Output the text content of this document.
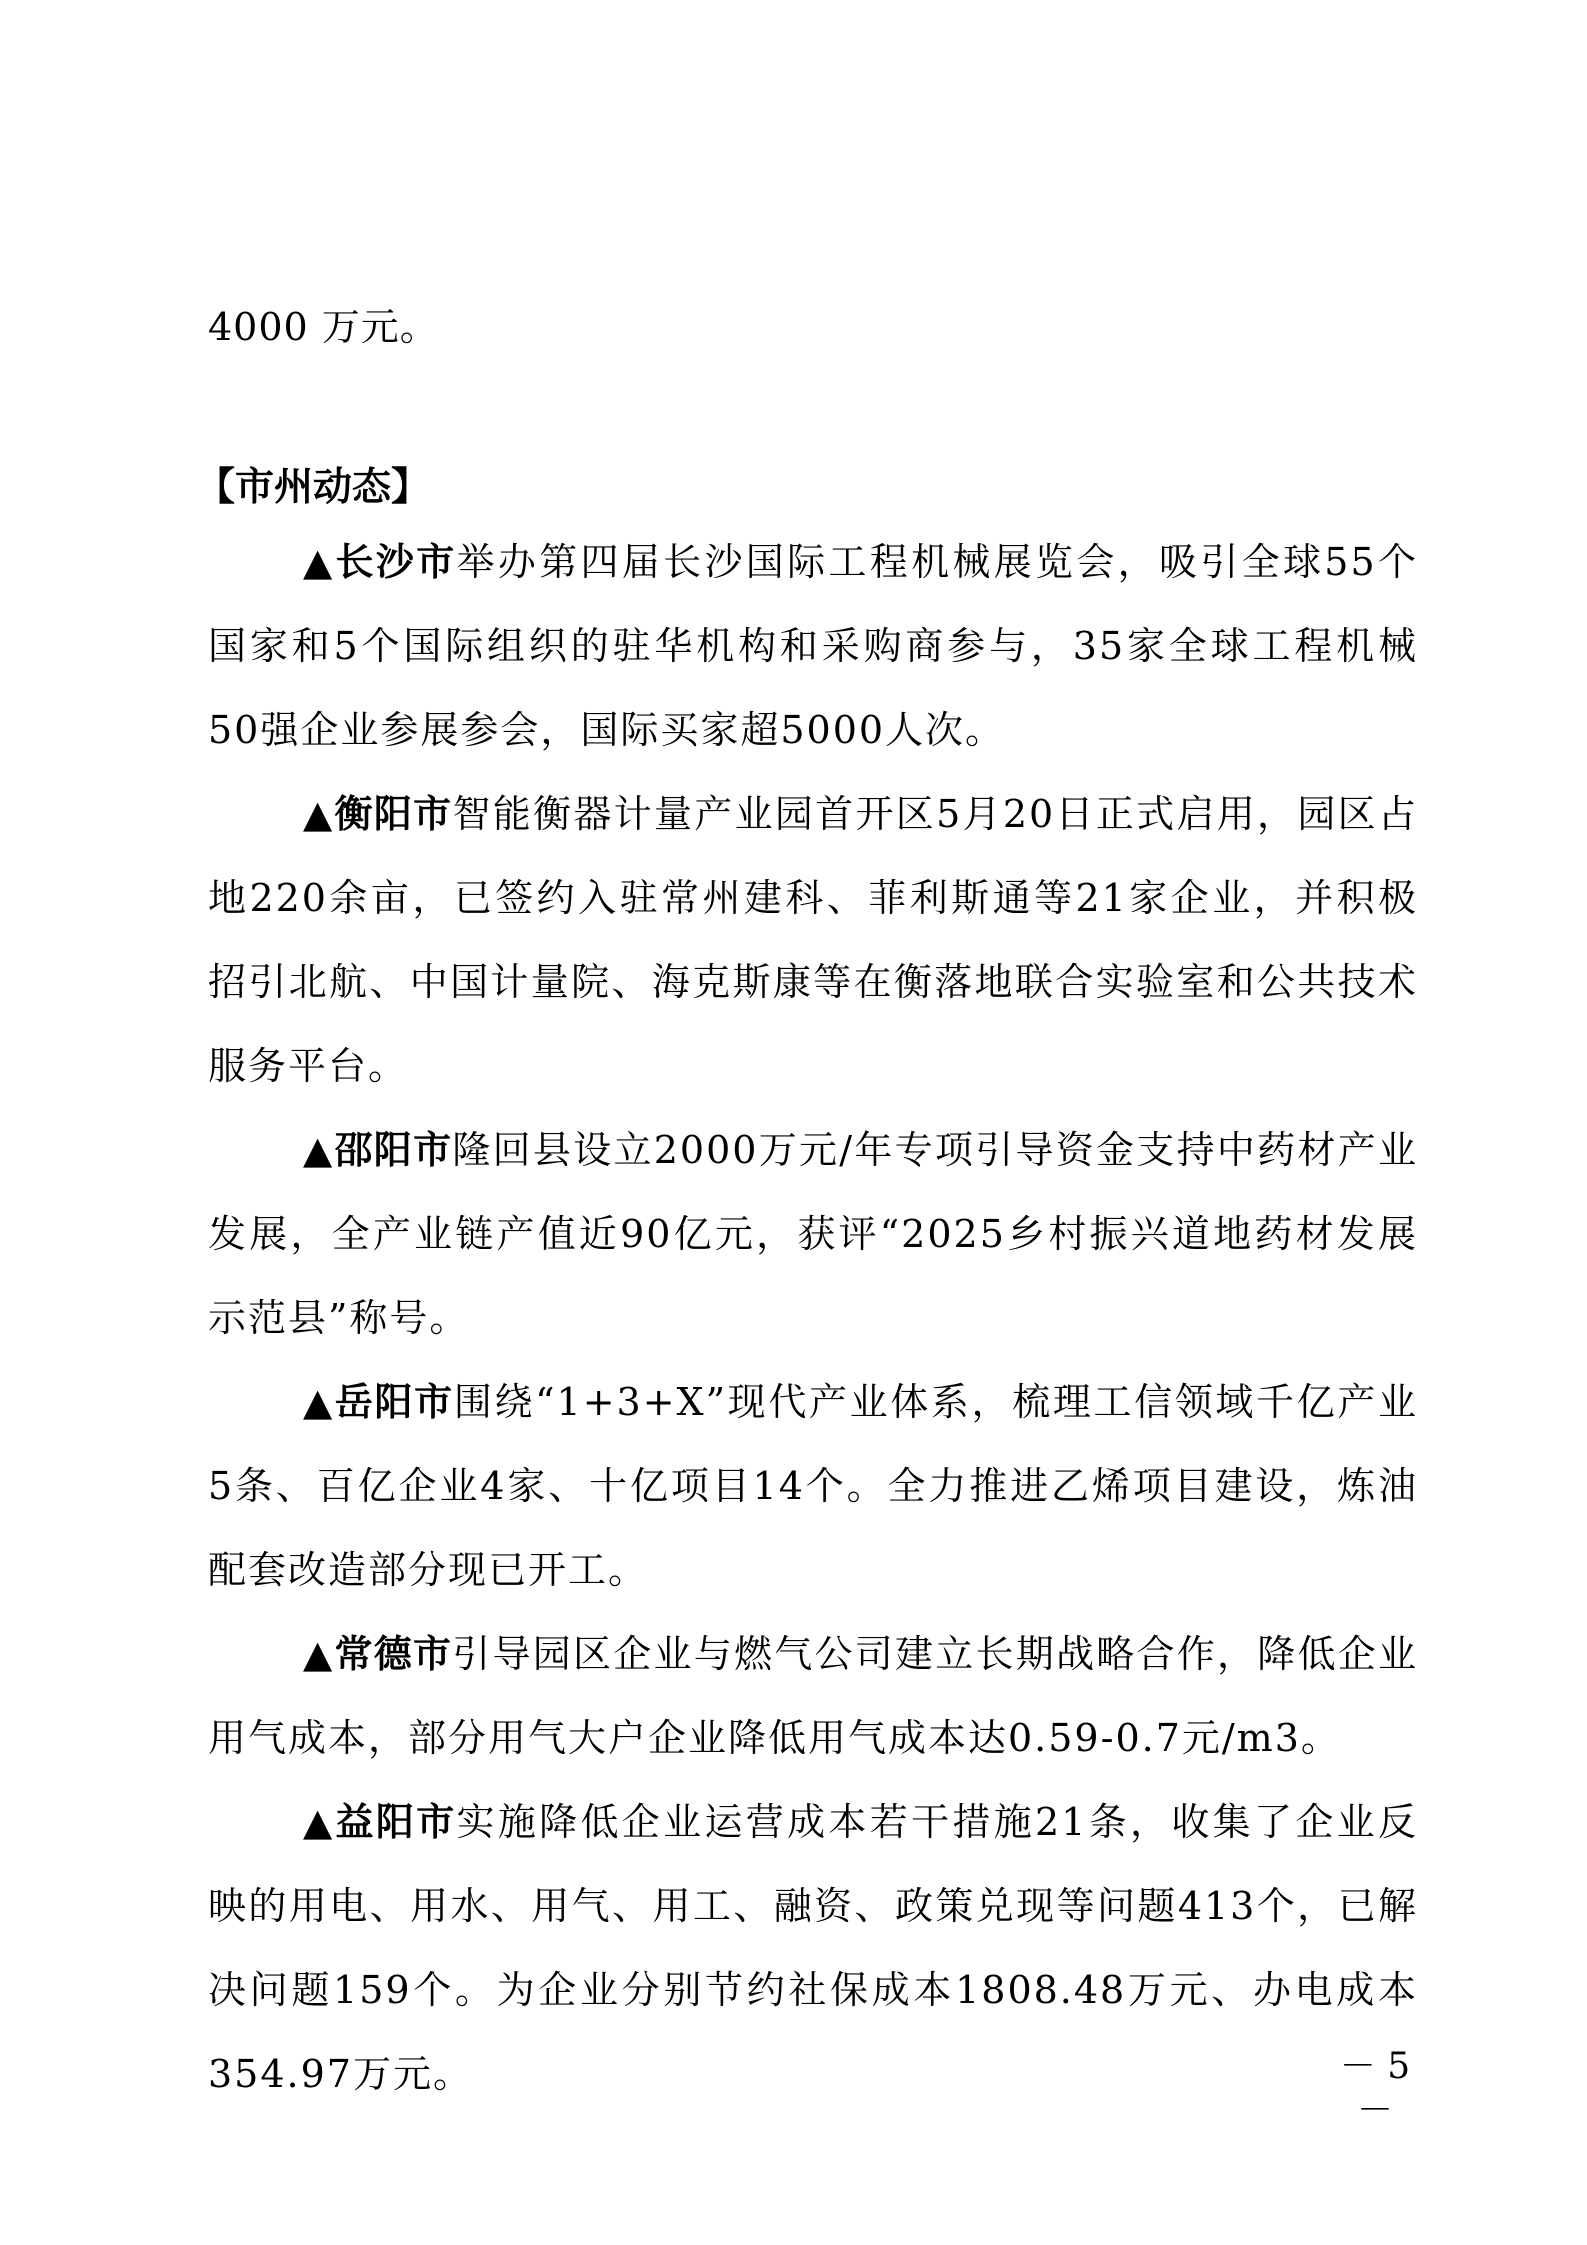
4000 万元。
【市州动态】

▲长沙市举办第四届长沙国际工程机械展览会，吸引全球55个国家和5个国际组织的驻华机构和采购商参与，35家全球工程机械50强企业参展参会，国际买家超5000人次。

▲衡阳市智能衡器计量产业园首开区5月20日正式启用，园区占地220余亩，已签约入驻常州建科、菲利斯通等21家企业，并积极招引北航、中国计量院、海克斯康等在衡落地联合实验室和公共技术服务平台。

▲邵阳市隆回县设立2000万元/年专项引导资金支持中药材产业发展，全产业链产值近90亿元，获评“2025乡村振兴道地药材发展示范县”称号。

▲岳阳市围绕“1+3+X”现代产业体系，梳理工信领域千亿产业5条、百亿企业4家、十亿项目14个。全力推进乙烯项目建设，炼油配套改造部分现已开工。

▲常德市引导园区企业与燃气公司建立长期战略合作，降低企业用气成本，部分用气大户企业降低用气成本达0.59-0.7元/m3。

▲益阳市实施降低企业运营成本若干措施21条，收集了企业反映的用电、用水、用气、用工、融资、政策兑现等问题413个，已解决问题159个。为企业分别节约社保成本1808.48万元、办电成本354.97万元。	－ 5 －
